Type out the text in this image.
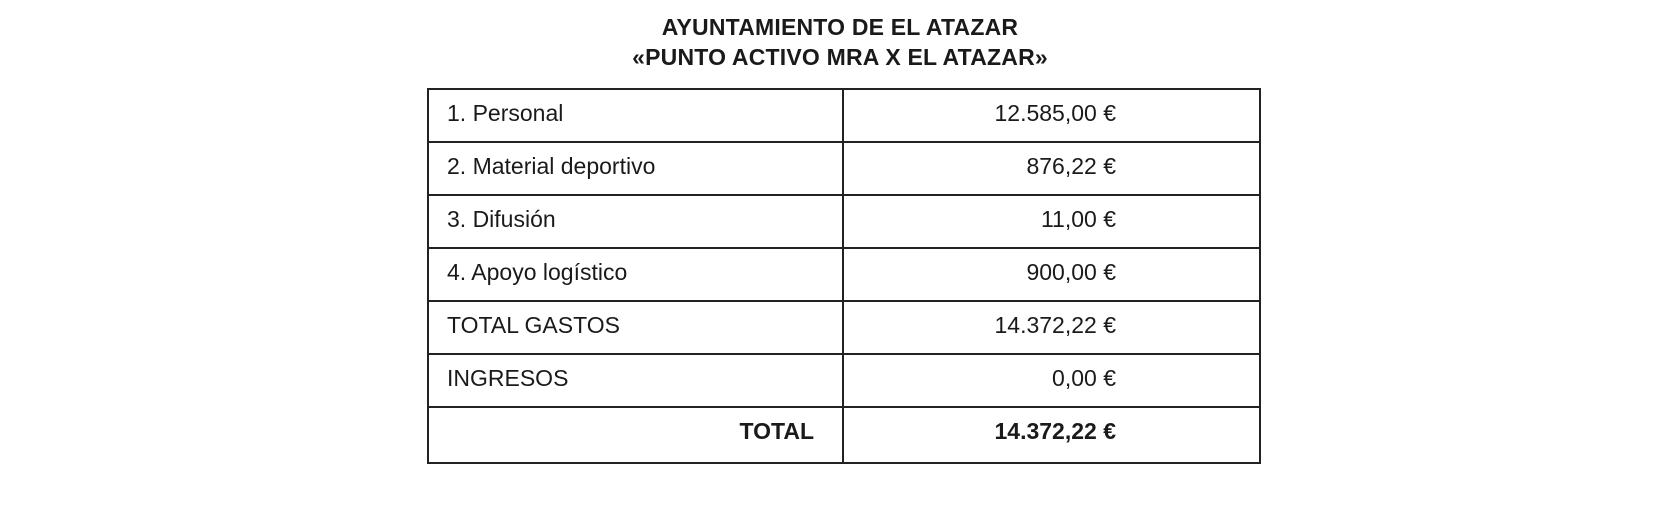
AYUNTAMIENTO DE EL ATAZAR
«PUNTO ACTIVO MRA X EL ATAZAR»
1. Personal	12.585,00 €
2. Material deportivo	876,22 €
3. Difusión	11,00 €
4. Apoyo logístico	900,00 €
TOTAL GASTOS	14.372,22 €
INGRESOS	0,00 €
TOTAL	14.372,22 €
